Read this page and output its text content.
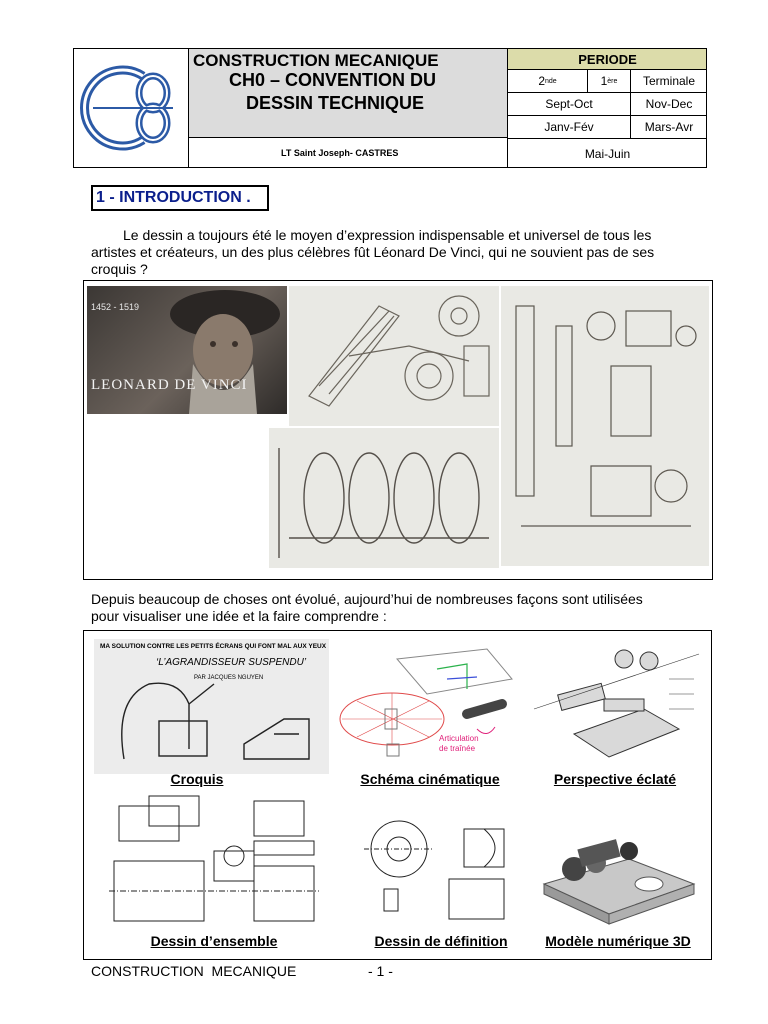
CONSTRUCTION MECANIQUE
CH0 – CONVENTION DU
DESSIN TECHNIQUE
LT Saint Joseph- CASTRES
PERIODE
2 nde	1 ère Terminale
Sept-Oct	Nov-Dec
Janv-Fév	Mars-Avr
Mai-Juin
1 - INTRODUCTION .
Le dessin a toujours été le moyen d’expression indispensable et universel de tous les
artistes et créateurs, un des plus célèbres fût Léonard De Vinci, qui ne souvient pas de ses
croquis ?
1452 - 1519
LEONARD DE VINCI
Depuis beaucoup de choses ont évolué, aujourd’hui de nombreuses façons sont utilisées
pour visualiser une idée et la faire comprendre :
MA SOLUTION CONTRE LES PETITS ÉCRANS QUI FONT MAL AUX YEUX
‘L’AGRANDISSEUR SUSPENDU’
PAR JACQUES NGUYEN
Articulation
de traînée
Croquis	Schéma cinématique	Perspective éclaté
Dessin d’ensemble	Dessin de définition	Modèle numérique 3D
CONSTRUCTION  MECANIQUE	- 1 -
